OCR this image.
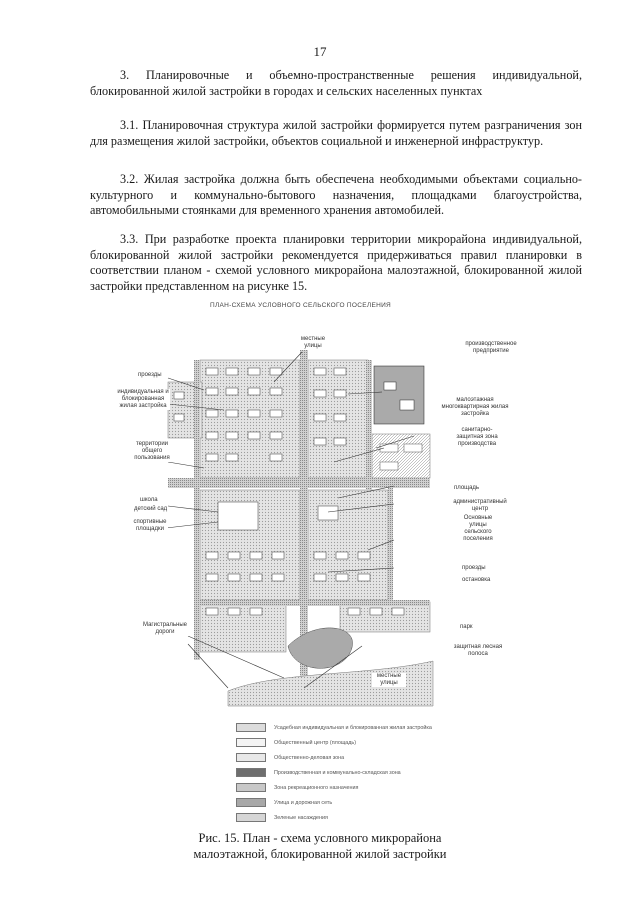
17

3. Планировочные и объемно-пространственные решения индивидуальной, блокированной жилой застройки в городах и сельских населенных пунктах

3.1. Планировочная структура жилой застройки формируется путем разграничения зон для размещения жилой застройки, объектов социальной и инженерной инфраструктур.

3.2. Жилая застройка должна быть обеспечена необходимыми объектами социально-культурного и коммунально-бытового назначения, площадками благоустройства, автомобильными стоянками для временного хранения автомобилей.

3.3. При разработке проекта планировки территории микрорайона индивидуальной, блокированной жилой застройки рекомендуется придерживаться правил планировки в соответствии планом - схемой условного микрорайона малоэтажной, блокированной жилой застройки представленном на рисунке 15.

ПЛАН-СХЕМА УСЛОВНОГО СЕЛЬСКОГО ПОСЕЛЕНИЯ
местные улицы
проезды
индивидуальная и блокированная жилая застройка
территории общего пользования
школа
детский сад
спортивные площадки
Магистральные дороги
местные улицы
производственное предприятие
малоэтажная многоквартирная жилая застройка
санитарно-защитная зона производства
площадь
административный центр
Основные улицы сельского поселения
проезды
остановка
парк
защитная лесная полоса
Усадебная индивидуальная и блокированная жилая застройка
Общественный центр (площадь)
Общественно-деловая зона
Производственная и коммунально-складская зона
Зона рекреационного назначения
Улица и дорожная сеть
Зеленые насаждения
Рис. 15. План - схема условного микрорайона
малоэтажной, блокированной жилой застройки
